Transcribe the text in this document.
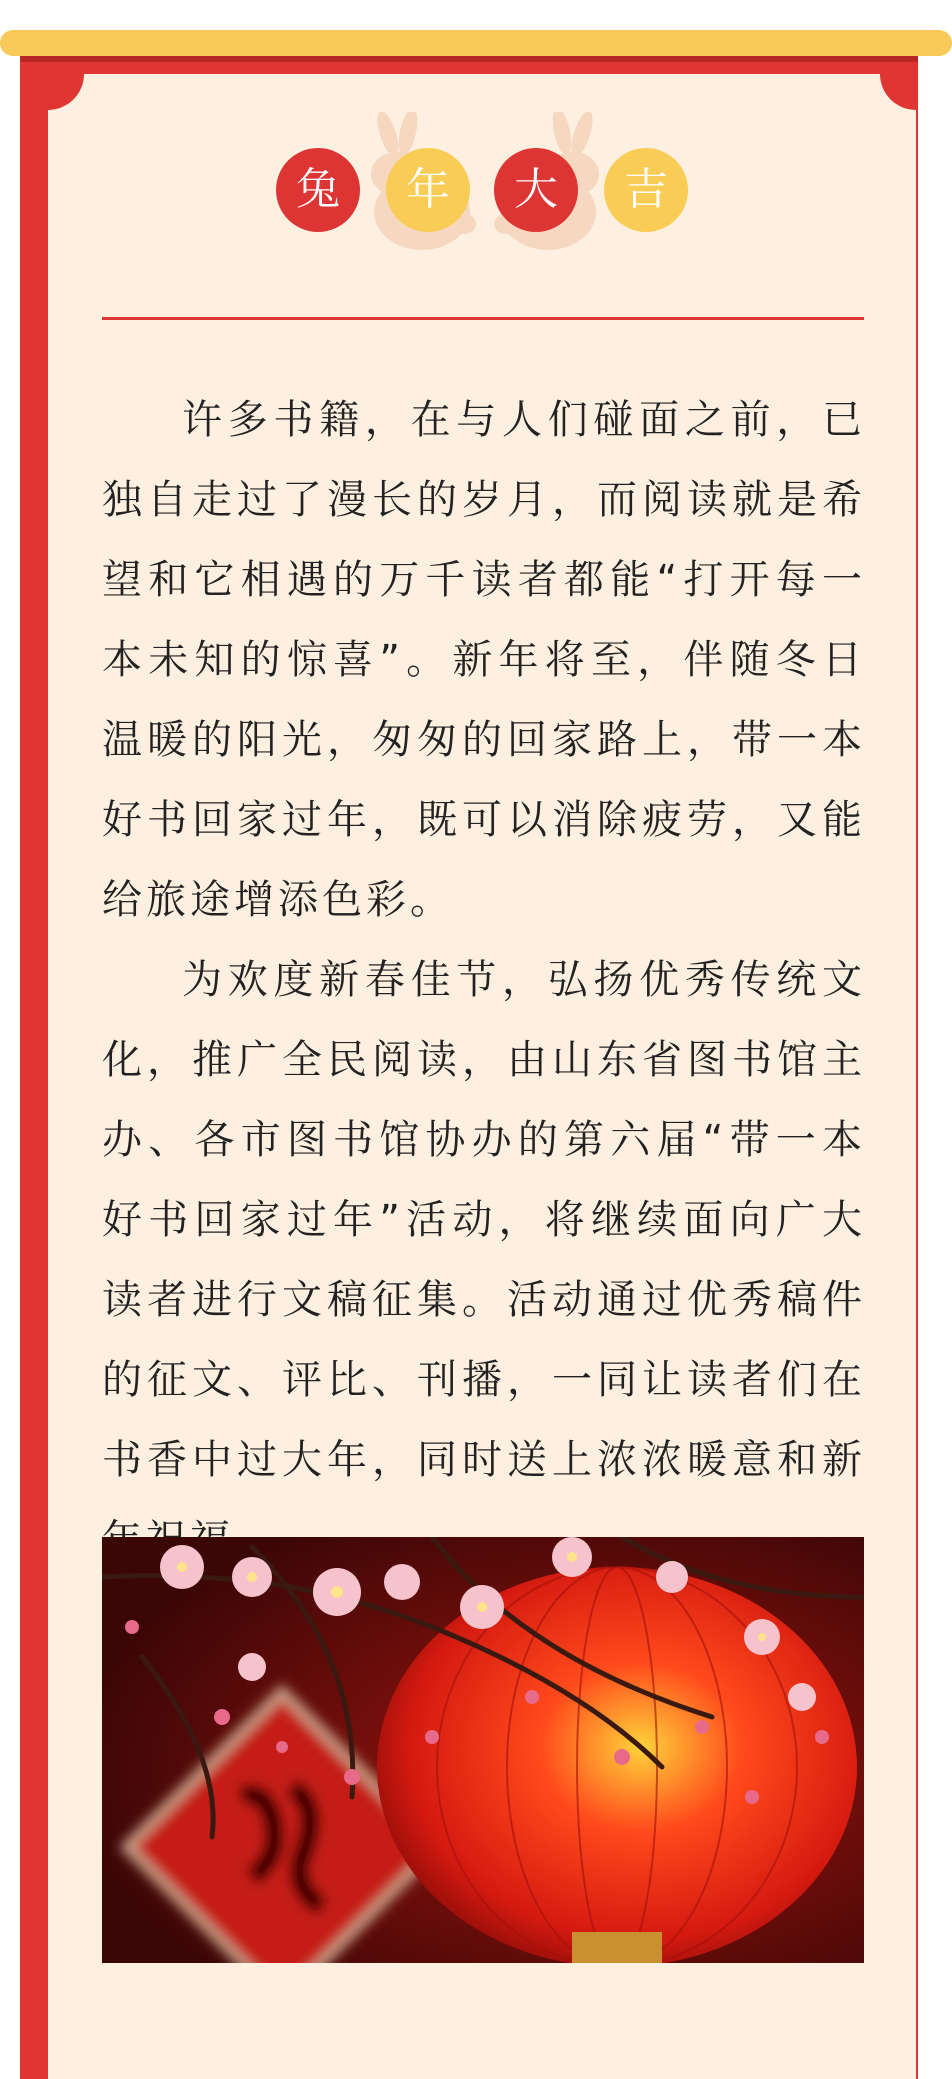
兔	年	大	吉

许多书籍，在与人们碰面之前，已独自走过了漫长的岁月，而阅读就是希望和它相遇的万千读者都能“打开每一本未知的惊喜”。新年将至，伴随冬日温暖的阳光，匆匆的回家路上，带一本好书回家过年，既可以消除疲劳，又能给旅途增添色彩。

为欢度新春佳节，弘扬优秀传统文化，推广全民阅读，由山东省图书馆主办、各市图书馆协办的第六届“带一本好书回家过年”活动，将继续面向广大读者进行文稿征集。活动通过优秀稿件的征文、评比、刊播，一同让读者们在书香中过大年，同时送上浓浓暖意和新
